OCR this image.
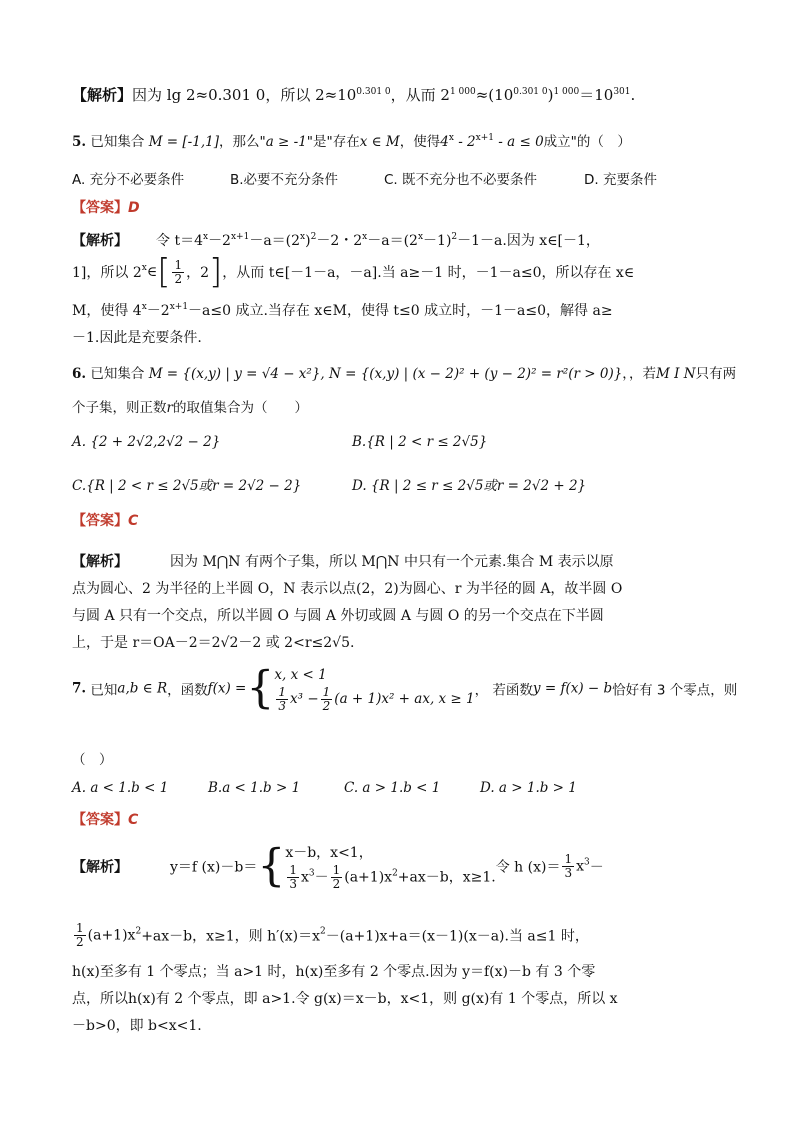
【解析】因为 lg 2≈0.301 0，所以 $2\approx 10^{0.301 0}$，从而 $2^{1 000}\approx(10^{0.301 0})^{1 000}=10^{301}$.
5. 已知集合 M = [-1,1]，那么"a ≥ -1"是"存在x ∈ M，使得$4^x - 2^{x+1} - a \le 0$成立"的（　）
A. 充分不必要条件	B.必要不充分条件	C. 既不充分也不必要条件	D. 充要条件
【答案】D
【解析】   令 $t=4^x-2^{x+1}-a=(2^x)^2-2$・$2^x-a=(2^x-1)^2-1-a$.因为 x∈[－1，
1]，所以 2$^x$∈[ $\frac{1}{2}$ ，2]，从而 t∈[－1－a，－a].当 a≥－1 时，－1－a≤0，所以存在 x∈
M，使得 $4^x-2^{x+1}-a\le 0$ 成立.当存在 x∈M，使得 t≤0 成立时，－1－a≤0，解得 a≥
－1.因此是充要条件.
6. 已知集合 M = {(x,y) | y = √4 − x²}, N = {(x,y) | (x − 2)² + (y − 2)² = r²(r > 0)}，，若M I N只有两
个子集，则正数r的取值集合为（　　）
A. {2 + 2√2,2√2 − 2}	B.{R | 2 < r ≤ 2√5}
C.{R | 2 < r ≤ 2√5或r = 2√2 − 2}	D. {R | 2 ≤ r ≤ 2√5或r = 2√2 + 2}
【答案】C
【解析】   	因为 M⋂N 有两个子集，所以 M⋂N 中只有一个元素.集合 M 表示以原
点为圆心、2 为半径的上半圆 O，N 表示以点(2，2)为圆心、r 为半径的圆 A，故半圆 O
与圆 A 只有一个交点，所以半圆 O 与圆 A 外切或圆 A 与圆 O 的另一个交点在下半圆
上，于是 r＝OA－2＝2√2－2 或 2<r≤2√5.
7. 已知a,b ∈ R，函数f(x) ={ x, x < 1
$\frac{1}{3} x^3 - \frac{1}{2} (a + 1)x^2$ + ax, x ≥ 1
， 若函数y = f(x) − b恰好有 3 个零点，则
（　）
A. a < 1.b < 1	B.a < 1.b > 1	C. a > 1.b < 1	D. a > 1.b > 1
【答案】C
【解析】   	y＝f (x)－b＝{ x－b，x<1，
$\frac{1}{3} x^3- \frac{1}{2} (a+1)x^2+ax-b$，x≥1.
令 h $(x)= \frac{1}{3} x^3-$
$\frac{1}{2} (a+1)x^2+ax-b$，x≥1，则 $h'(x)=x^2-(a+1)x+a=(x-1)(x-a)$.当 a≤1 时，
h(x)至多有 1 个零点；当 a>1 时，h(x)至多有 2 个零点.因为 y＝f(x)－b 有 3 个零
点，所以h(x)有 2 个零点，即 a>1.令 g(x)＝x－b，x<1，则 g(x)有 1 个零点，所以 x
－b>0，即 b<x<1.
